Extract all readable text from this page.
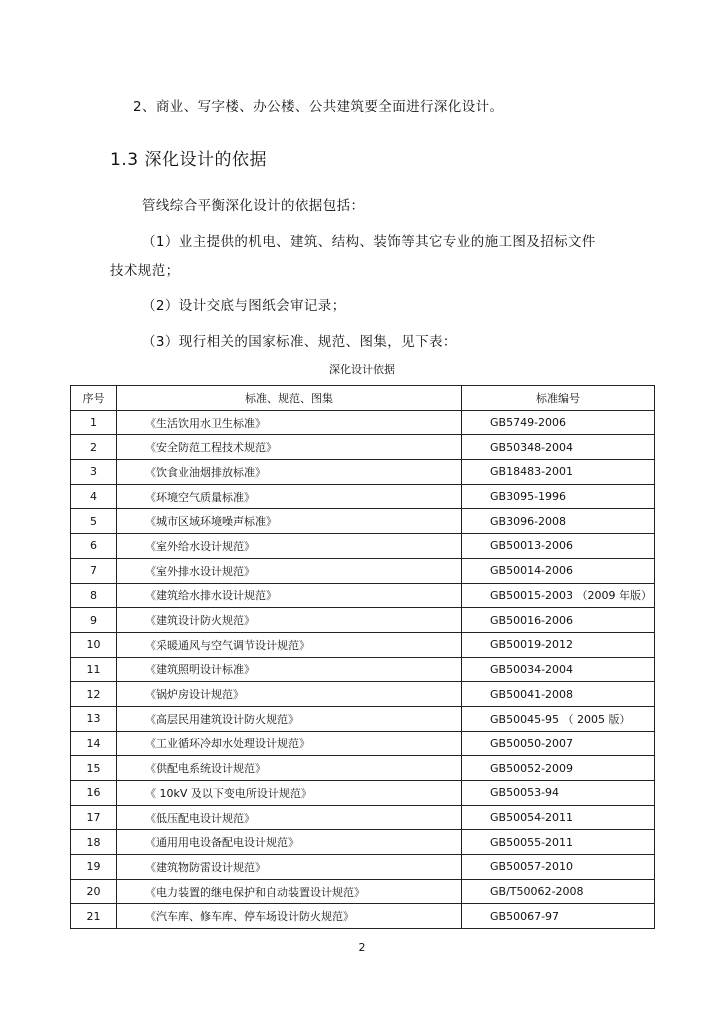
2、商业、写字楼、办公楼、公共建筑要全面进行深化设计。
1.3 深化设计的依据
管线综合平衡深化设计的依据包括：
（1）业主提供的机电、建筑、结构、装饰等其它专业的施工图及招标文件
技术规范；
（2）设计交底与图纸会审记录；
（3）现行相关的国家标准、规范、图集，见下表：
深化设计依据
序号	标准、规范、图集	标准编号
1	《生活饮用水卫生标准》	GB5749-2006
2	《安全防范工程技术规范》	GB50348-2004
3	《饮食业油烟排放标准》	GB18483-2001
4	《环境空气质量标准》	GB3095-1996
5	《城市区域环境噪声标准》	GB3096-2008
6	《室外给水设计规范》	GB50013-2006
7	《室外排水设计规范》	GB50014-2006
8	《建筑给水排水设计规范》	GB50015-2003 （2009 年版）
9	《建筑设计防火规范》	GB50016-2006
10	《采暖通风与空气调节设计规范》	GB50019-2012
11	《建筑照明设计标准》	GB50034-2004
12	《锅炉房设计规范》	GB50041-2008
13	《高层民用建筑设计防火规范》	GB50045-95 （ 2005 版）
14	《工业循环冷却水处理设计规范》	GB50050-2007
15	《供配电系统设计规范》	GB50052-2009
16	《 10kV 及以下变电所设计规范》	GB50053-94
17	《低压配电设计规范》	GB50054-2011
18	《通用用电设备配电设计规范》	GB50055-2011
19	《建筑物防雷设计规范》	GB50057-2010
20	《电力装置的继电保护和自动装置设计规范》	GB/T50062-2008
21	《汽车库、修车库、停车场设计防火规范》	GB50067-97
2
